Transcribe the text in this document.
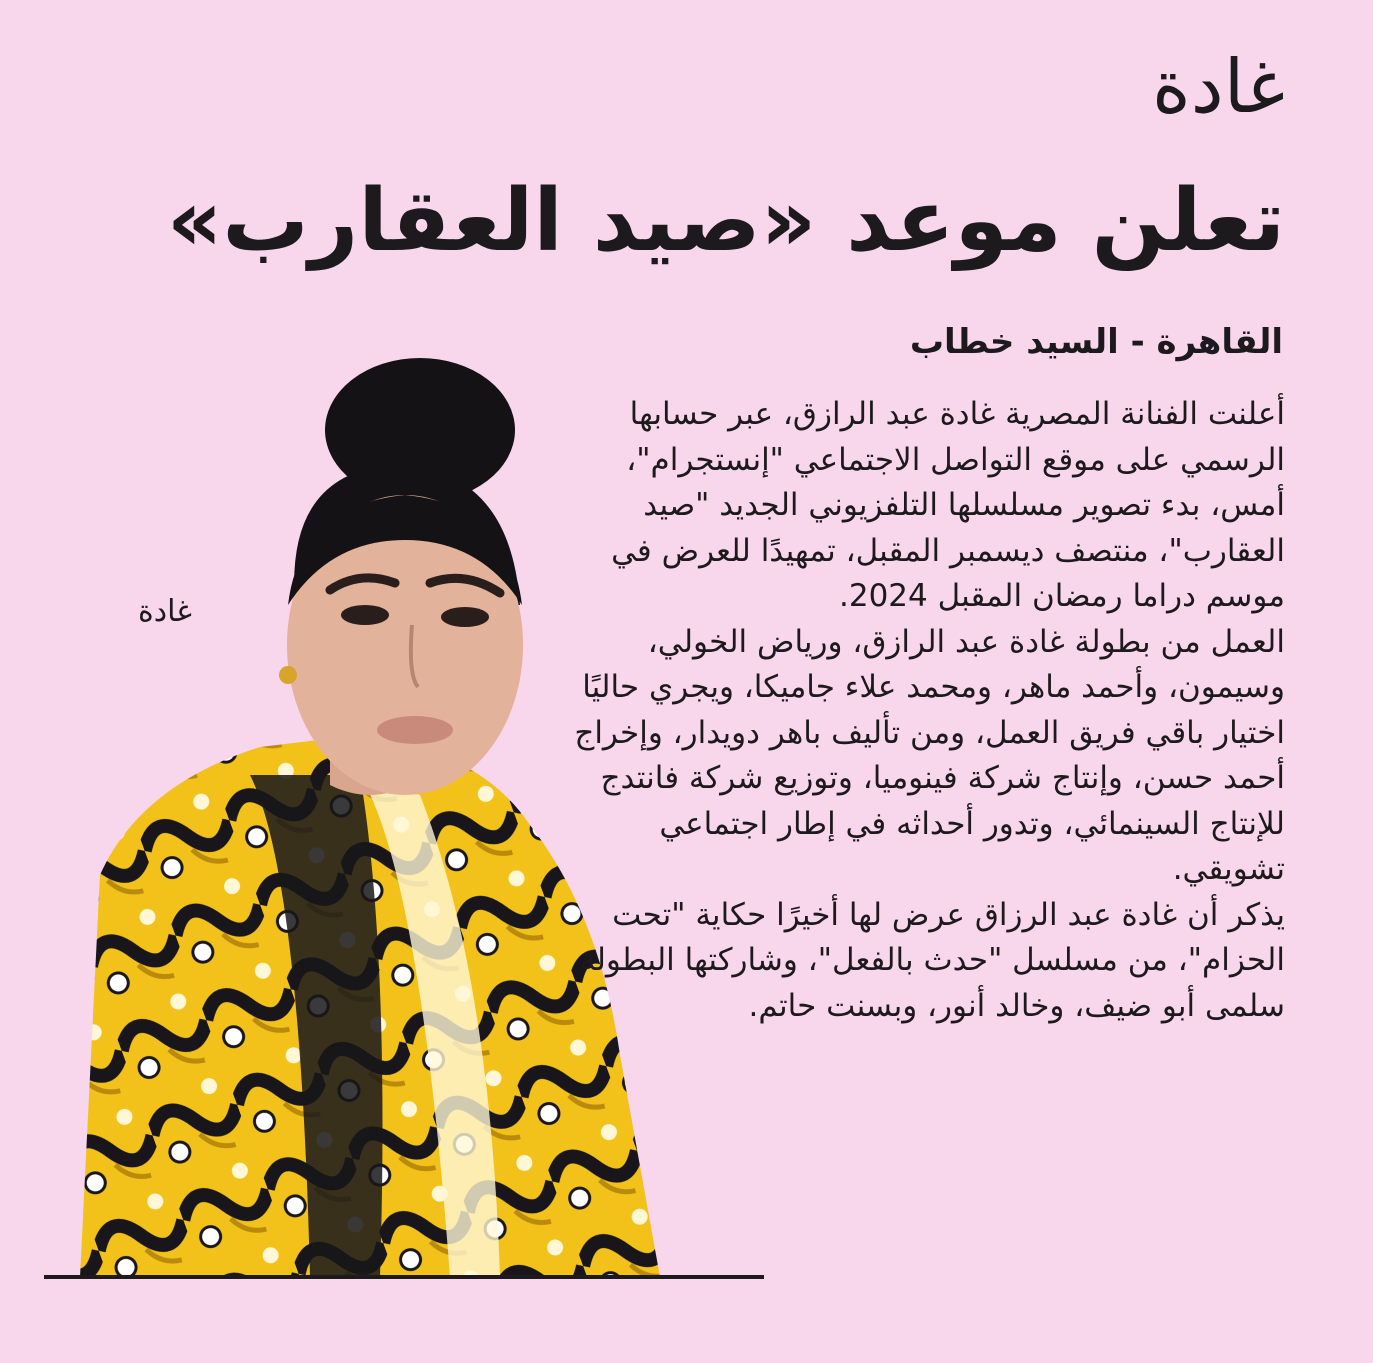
غادة
تعلن موعد «صيد العقارب»
القاهرة - السيد خطاب
غادة

أعلنت الفنانة المصرية غادة عبد الرازق، عبر حسابها الرسمي على موقع التواصل الاجتماعي "إنستجرام"، أمس، بدء تصوير مسلسلها التلفزيوني الجديد "صيد العقارب"، منتصف ديسمبر المقبل، تمهيدًا للعرض في موسم دراما رمضان المقبل 2024.

العمل من بطولة غادة عبد الرازق، ورياض الخولي، وسيمون، وأحمد ماهر، ومحمد علاء جاميكا، ويجري حاليًا اختيار باقي فريق العمل، ومن تأليف باهر دويدار، وإخراج أحمد حسن، وإنتاج شركة فينوميا، وتوزيع شركة فانتدج للإنتاج السينمائي، وتدور أحداثه في إطار اجتماعي تشويقي.

يذكر أن غادة عبد الرزاق عرض لها أخيرًا حكاية "تحت الحزام"، من مسلسل "حدث بالفعل"، وشاركتها البطولة سلمى أبو ضيف، وخالد أنور، وبسنت حاتم.
